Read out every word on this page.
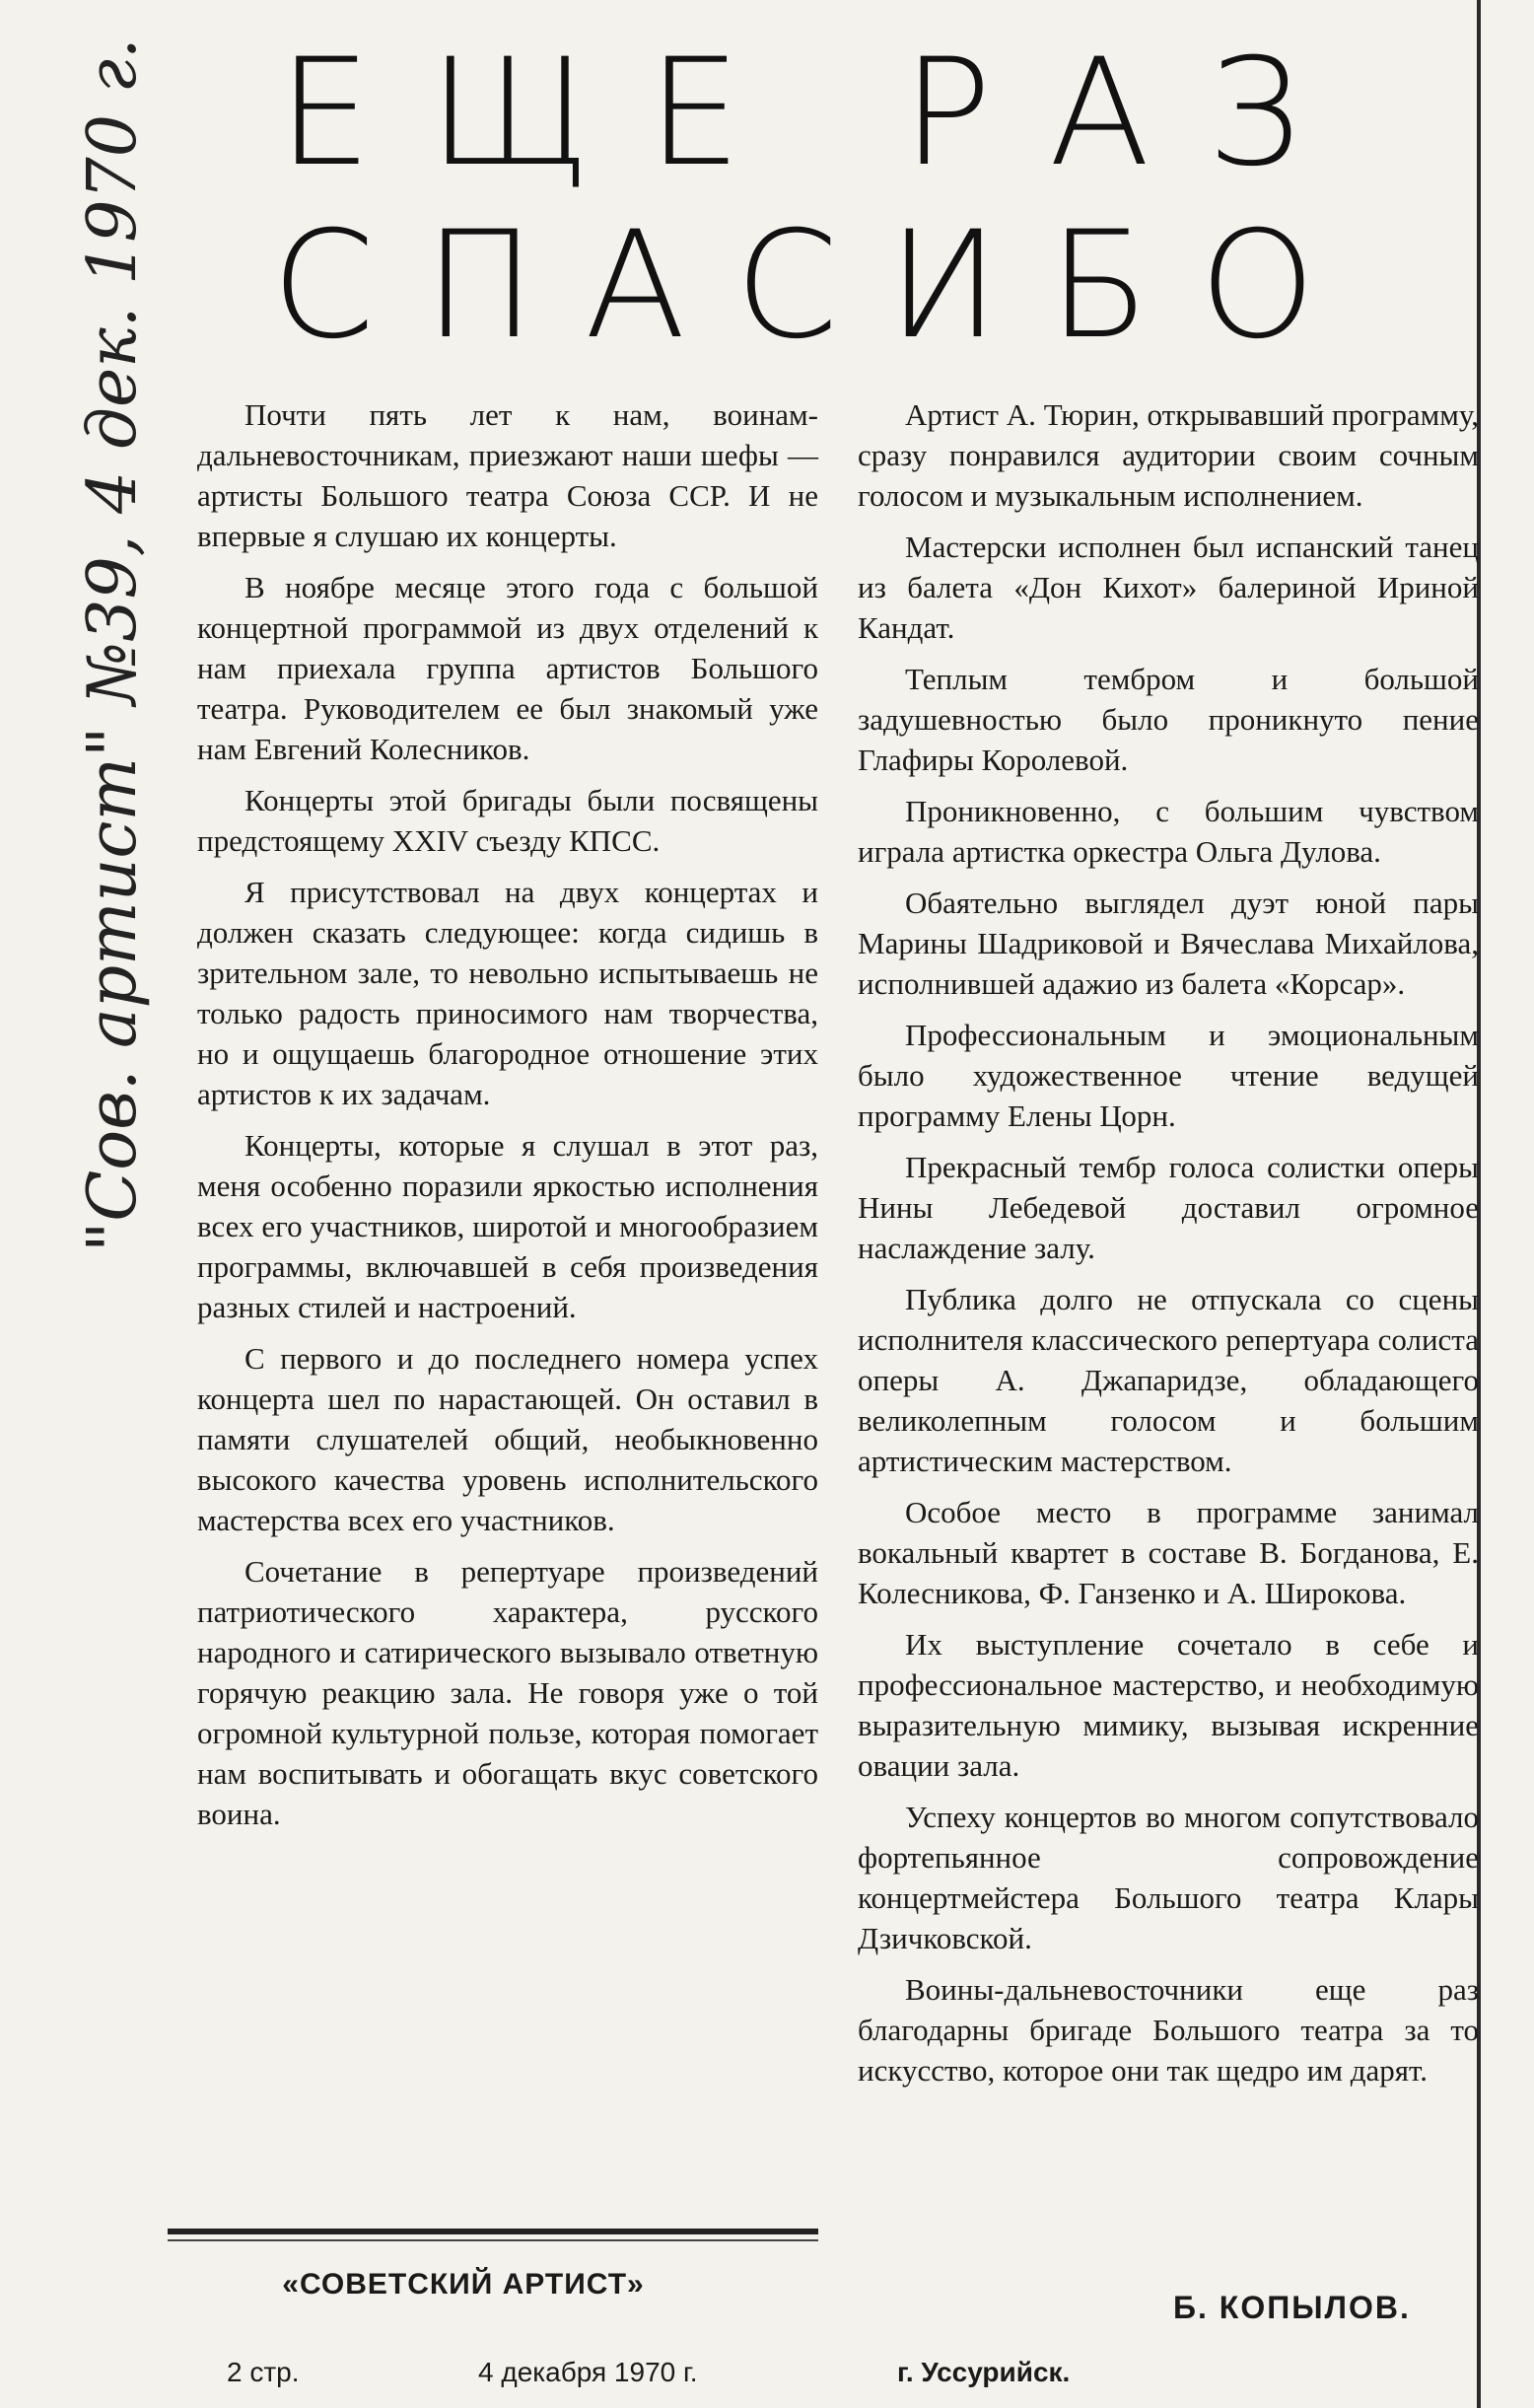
"Сов. артист" №39, 4 дек. 1970 г. ЕЩЕ РАЗ
СПАСИБО

Почти пять лет к нам, воинам-дальневосточникам, приезжают наши шефы — артисты Большого театра Союза ССР. И не впервые я слушаю их концерты.

В ноябре месяце этого года с большой концертной программой из двух отделений к нам приехала группа артистов Большого театра. Руководителем ее был знакомый уже нам Евгений Колесников.

Концерты этой бригады были посвящены предстоящему XXIV съезду КПСС.

Я присутствовал на двух концертах и должен сказать следующее: когда сидишь в зрительном зале, то невольно испытываешь не только радость приносимого нам творчества, но и ощущаешь благородное отношение этих артистов к их задачам.

Концерты, которые я слушал в этот раз, меня особенно поразили яркостью исполнения всех его участников, широтой и многообразием программы, включавшей в себя произведения разных стилей и настроений.

С первого и до последнего номера успех концерта шел по нарастающей. Он оставил в памяти слушателей общий, необыкновенно высокого качества уровень исполнительского мастерства всех его участников.

Сочетание в репертуаре произведений патриотического характера, русского народного и сатирического вызывало ответную горячую реакцию зала. Не говоря уже о той огромной культурной пользе, которая помогает нам воспитывать и обогащать вкус советского воина.

Артист А. Тюрин, открывавший программу, сразу понравился аудитории своим сочным голосом и музыкальным исполнением.

Мастерски исполнен был испанский танец из балета «Дон Кихот» балериной Ириной Кандат.

Теплым тембром и большой задушевностью было проникнуто пение Глафиры Королевой.

Проникновенно, с большим чувством играла артистка оркестра Ольга Дулова.

Обаятельно выглядел дуэт юной пары Марины Шадриковой и Вячеслава Михайлова, исполнившей адажио из балета «Корсар».

Профессиональным и эмоциональным было художественное чтение ведущей программу Елены Цорн.

Прекрасный тембр голоса солистки оперы Нины Лебедевой доставил огромное наслаждение залу.

Публика долго не отпускала со сцены исполнителя классического репертуара солиста оперы А. Джапаридзе, обладающего великолепным голосом и большим артистическим мастерством.

Особое место в программе занимал вокальный квартет в составе В. Богданова, Е. Колесникова, Ф. Ганзенко и А. Широкова.

Их выступление сочетало в себе и профессиональное мастерство, и необходимую выразительную мимику, вызывая искренние овации зала.

Успеху концертов во многом сопутствовало фортепьянное сопровождение концертмейстера Большого театра Клары Дзичковской.

Воины-дальневосточники еще раз благодарны бригаде Большого театра за то искусство, которое они так щедро им дарят.

«СОВЕТСКИЙ АРТИСТ»

Б. КОПЫЛОВ.

2 стр.	4 декабря 1970 г.	г. Уссурийск.
